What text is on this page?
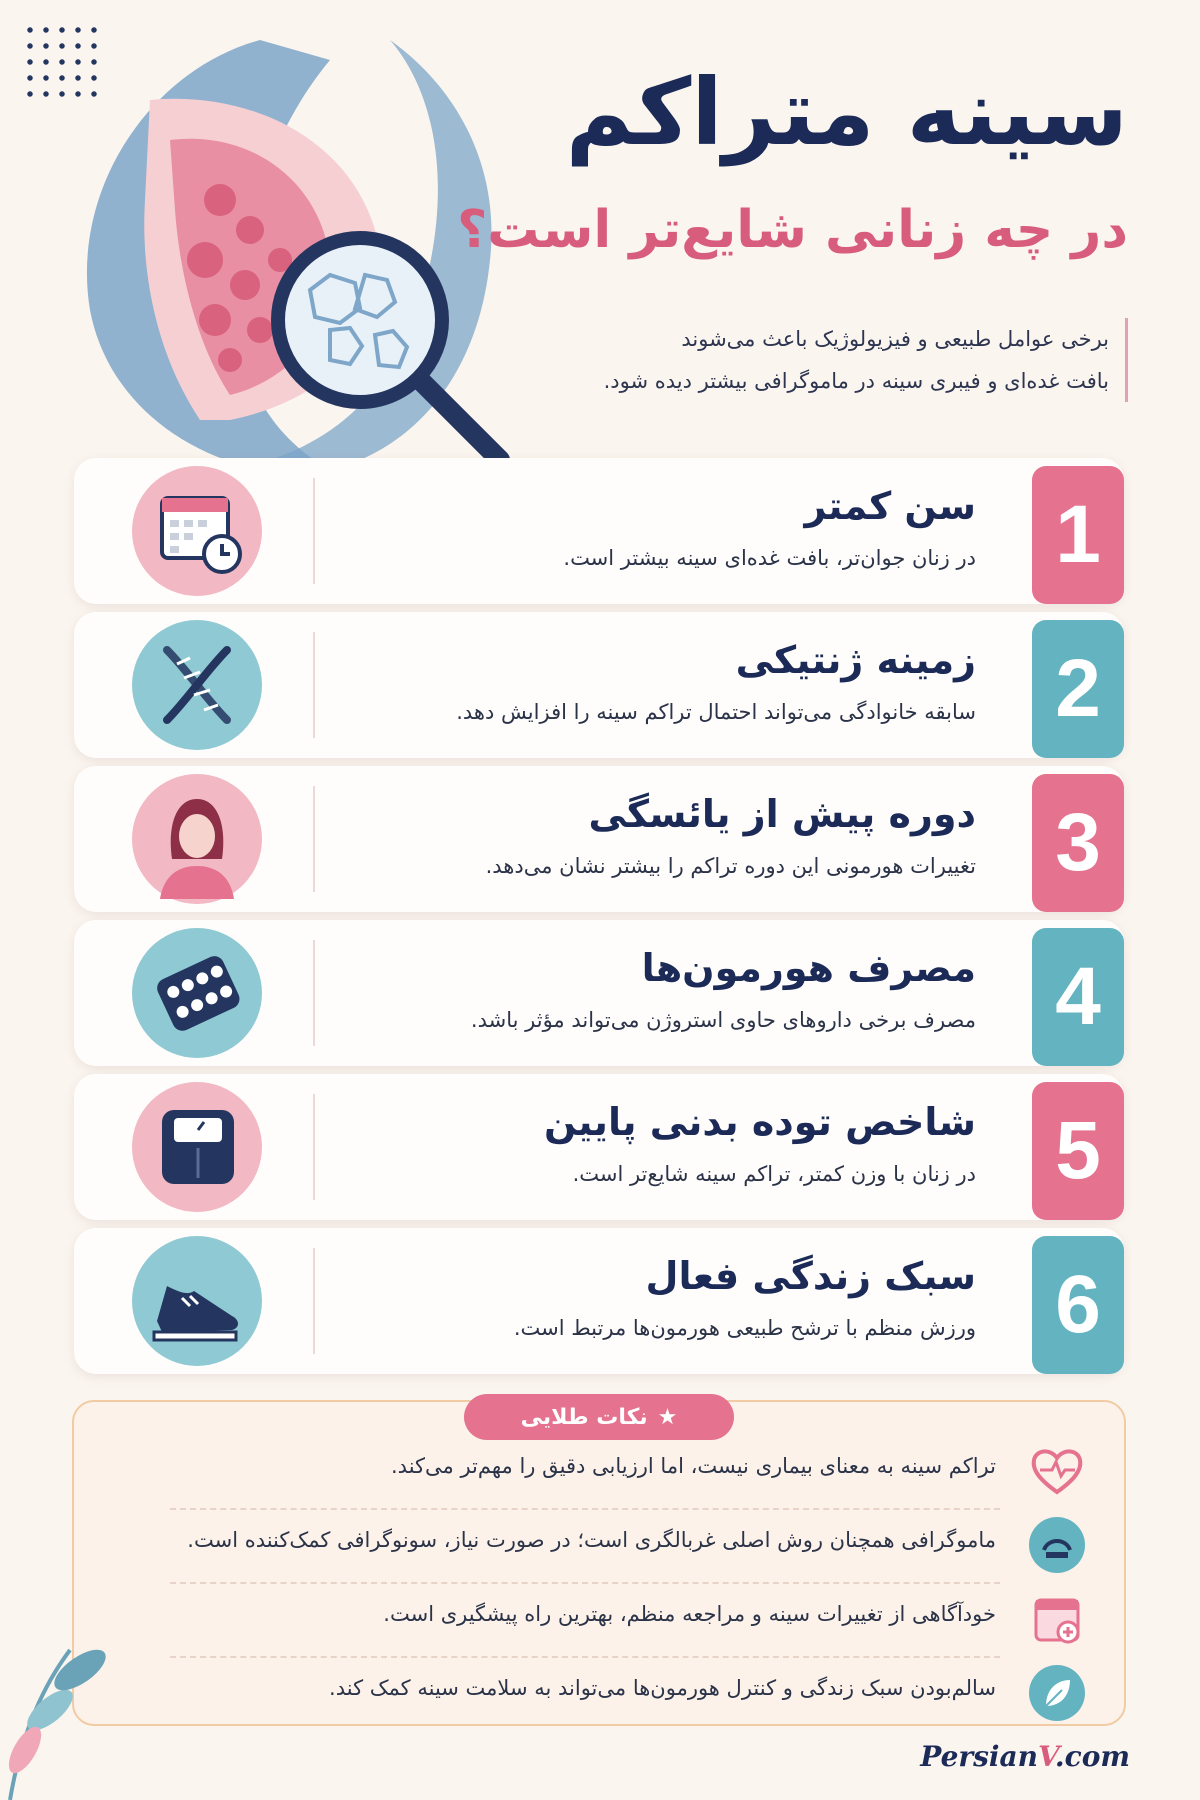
سینه متراکم
در چه زنانی شایع‌تر است؟
برخی عوامل طبیعی و فیزیولوژیک باعث می‌شوند
بافت غده‌ای و فیبری سینه در ماموگرافی بیشتر دیده شود.
1
سن کمتر
در زنان جوان‌تر، بافت غده‌ای سینه بیشتر است.
2
زمینه ژنتیکی
سابقه خانوادگی می‌تواند احتمال تراکم سینه را افزایش دهد.
3
دوره پیش از یائسگی
تغییرات هورمونی این دوره تراکم را بیشتر نشان می‌دهد.
4
مصرف هورمون‌ها
مصرف برخی داروهای حاوی استروژن می‌تواند مؤثر باشد.
5
شاخص توده بدنی پایین
در زنان با وزن کمتر، تراکم سینه شایع‌تر است.
6
سبک زندگی فعال
ورزش منظم با ترشح طبیعی هورمون‌ها مرتبط است.
★
نکات طلایی
تراکم سینه به معنای بیماری نیست، اما ارزیابی دقیق را مهم‌تر می‌کند.
ماموگرافی همچنان روش اصلی غربالگری است؛ در صورت نیاز، سونوگرافی کمک‌کننده است.
خودآگاهی از تغییرات سینه و مراجعه منظم، بهترین راه پیشگیری است.
سالم‌بودن سبک زندگی و کنترل هورمون‌ها می‌تواند به سلامت سینه کمک کند.
PersianV.com
